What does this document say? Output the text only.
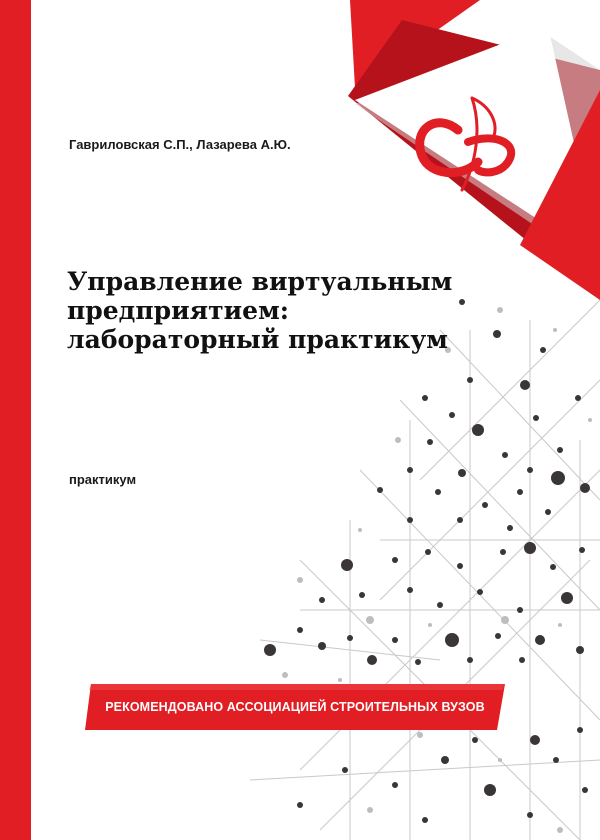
Гавриловская С.П., Лазарева А.Ю.
Управление виртуальным
предприятием:
лабораторный практикум
практикум
РЕКОМЕНДОВАНО АССОЦИАЦИЕЙ СТРОИТЕЛЬНЫХ ВУЗОВ
